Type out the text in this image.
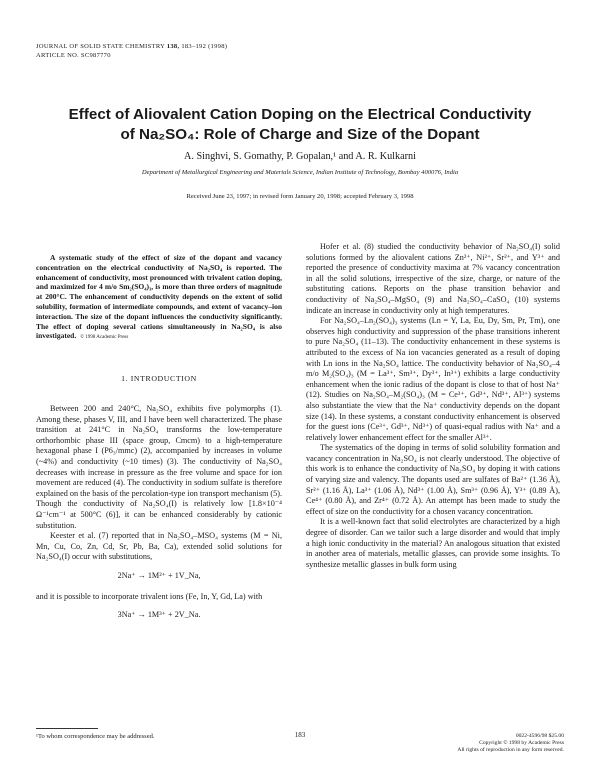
JOURNAL OF SOLID STATE CHEMISTRY 138, 183–192 (1998)
ARTICLE NO. SC987770
Effect of Aliovalent Cation Doping on the Electrical Conductivity
of Na₂SO₄: Role of Charge and Size of the Dopant
A. Singhvi, S. Gomathy, P. Gopalan,¹ and A. R. Kulkarni
Department of Metallurgical Engineering and Materials Science, Indian Institute of Technology, Bombay 400076, India
Received June 23, 1997; in revised form January 20, 1998; accepted February 3, 1998
A systematic study of the effect of size of the dopant and vacancy concentration on the electrical conductivity of Na₂SO₄ is reported. The enhancement of conductivity, most pronounced with trivalent cation doping, and maximized for 4 m/o Sm₂(SO₄)₃, is more than three orders of magnitude at 200°C. The enhancement of conductivity depends on the extent of solid solubility, formation of intermediate compounds, and extent of vacancy–ion interaction. The size of the dopant influences the conductivity significantly. The effect of doping several cations simultaneously in Na₂SO₄ is also investigated. © 1998 Academic Press
1. INTRODUCTION

Between 200 and 240°C, Na₂SO₄ exhibits five polymorphs (1). Among these, phases V, III, and I have been well characterized. The phase transition at 241°C in Na₂SO₄ transforms the low-temperature orthorhombic phase III (space group, Cmcm) to a high-temperature hexagonal phase I (P6₃/mmc) (2), accompanied by increases in volume (~4%) and conductivity (~10 times) (3). The conductivity of Na₂SO₄ decreases with increase in pressure as the free volume and space for ion movement are reduced (4). The conductivity in sodium sulfate is therefore explained on the basis of the percolation-type ion transport mechanism (5). Though the conductivity of Na₂SO₄(I) is relatively low [1.8×10⁻⁴ Ω⁻¹cm⁻¹ at 500°C (6)], it can be enhanced considerably by cationic substitution.

Keester et al. (7) reported that in Na₂SO₄–MSO₄ systems (M = Ni, Mn, Cu, Co, Zn, Cd, Sr, Pb, Ba, Ca), extended solid solutions for Na₂SO₄(I) occur with substitutions,

2Na⁺ → 1M²⁺ + 1V_Na,

and it is possible to incorporate trivalent ions (Fe, In, Y, Gd, La) with

3Na⁺ → 1M³⁺ + 2V_Na.
¹To whom correspondence may be addressed.

Hofer et al. (8) studied the conductivity behavior of Na₂SO₄(I) solid solutions formed by the aliovalent cations Zn²⁺, Ni²⁺, Sr²⁺, and Y³⁺ and reported the presence of conductivity maxima at 7% vacancy concentration in all the solid solutions, irrespective of the size, charge, or nature of the substituting cations. Reports on the phase transition behavior and conductivity of Na₂SO₄–MgSO₄ (9) and Na₂SO₄–CaSO₄ (10) systems indicate an increase in conductivity only at high temperatures.

For Na₂SO₄–Ln₂(SO₄)₃ systems (Ln = Y, La, Eu, Dy, Sm, Pr, Tm), one observes high conductivity and suppression of the phase transitions inherent to pure Na₂SO₄ (11–13). The conductivity enhancement in these systems is attributed to the excess of Na ion vacancies generated as a result of doping with Ln ions in the Na₂SO₄ lattice. The conductivity behavior of Na₂SO₄–4 m/o M₂(SO₄)₃ (M = La³⁺, Sm³⁺, Dy³⁺, In³⁺) exhibits a large conductivity enhancement when the ionic radius of the dopant is close to that of host Na⁺ (12). Studies on Na₂SO₄–M₂(SO₄)₃ (M = Ce³⁺, Gd³⁺, Nd³⁺, Al³⁺) systems also substantiate the view that the Na⁺ conductivity depends on the dopant size (14). In these systems, a constant conductivity enhancement is observed for the guest ions (Ce³⁺, Gd³⁺, Nd³⁺) of quasi-equal radius with Na⁺ and a relatively lower enhancement effect for the smaller Al³⁺.

The systematics of the doping in terms of solid solubility formation and vacancy concentration in Na₂SO₄ is not clearly understood. The objective of this work is to enhance the conductivity of Na₂SO₄ by doping it with cations of varying size and valency. The dopants used are sulfates of Ba²⁺ (1.36 Å), Sr²⁺ (1.16 Å), La³⁺ (1.06 Å), Nd³⁺ (1.00 Å), Sm³⁺ (0.96 Å), Y³⁺ (0.89 Å), Ce⁴⁺ (0.80 Å), and Zr⁴⁺ (0.72 Å). An attempt has been made to study the effect of size on the conductivity for a chosen vacancy concentration.

It is a well-known fact that solid electrolytes are characterized by a high degree of disorder. Can we tailor such a large disorder and would that imply a high ionic conductivity in the material? An analogous situation that existed in another area of materials, metallic glasses, can provide some insights. To synthesize metallic glasses in bulk form using

183	0022-4596/98 $25.00
Copyright © 1998 by Academic Press
All rights of reproduction in any form reserved.
